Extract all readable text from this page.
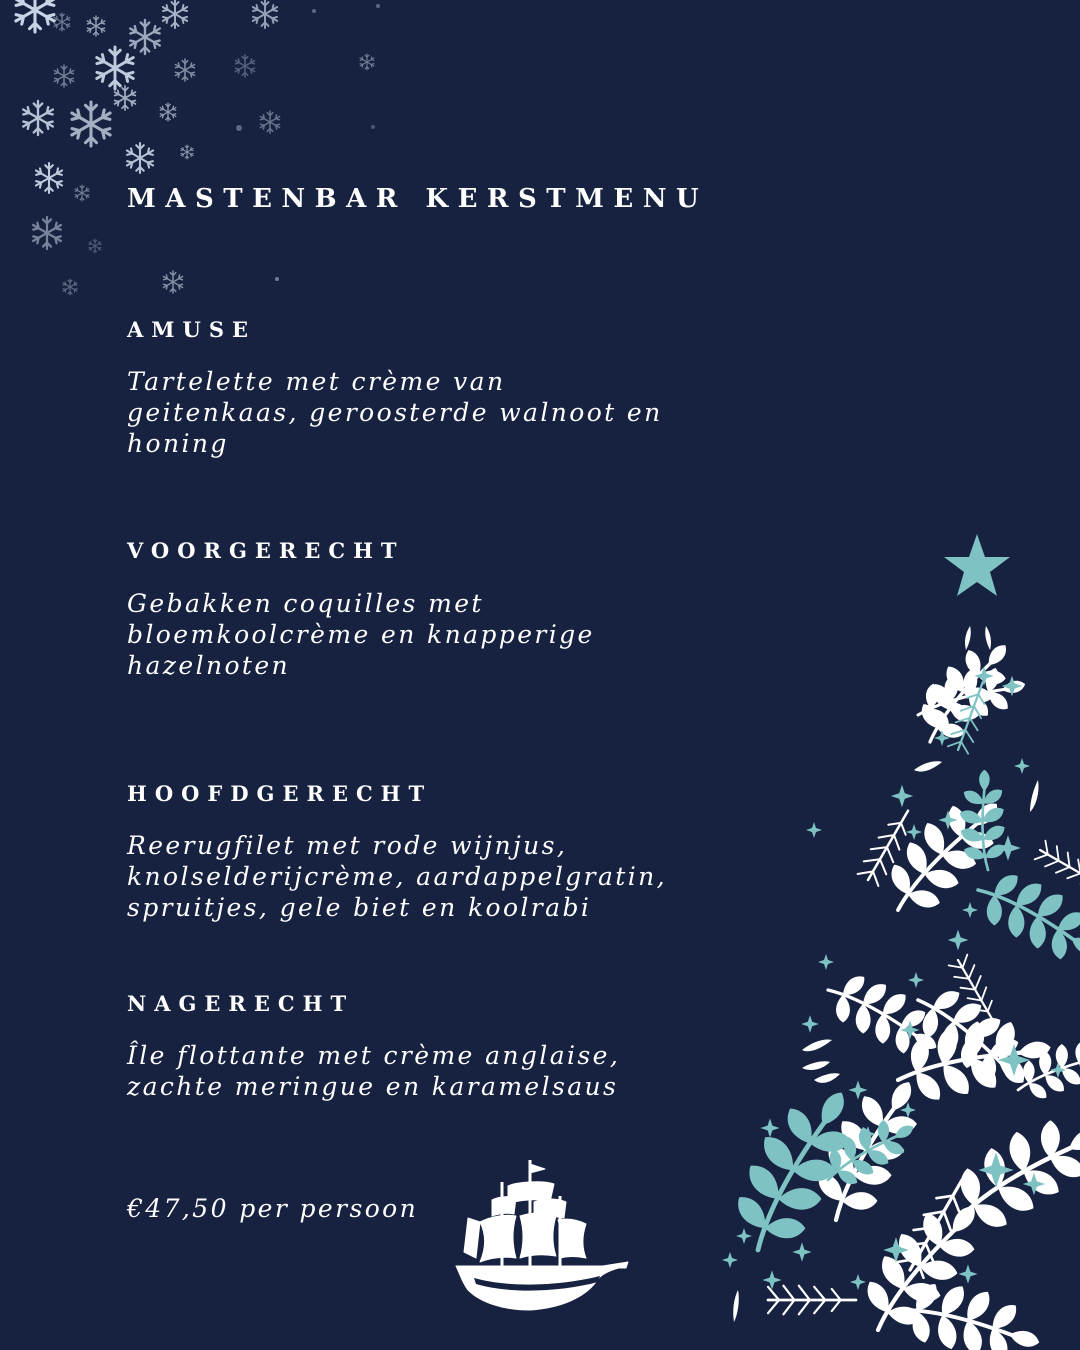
MASTENBAR KERSTMENU
AMUSE

Tartelette met crème van geitenkaas, geroosterde walnoot en honing

VOORGERECHT

Gebakken coquilles met bloemkoolcrème en knapperige hazelnoten

HOOFDGERECHT

Reerugfilet met rode wijnjus, knolselderijcrème, aardappelgratin, spruitjes, gele biet en koolrabi

NAGERECHT

Île flottante met crème anglaise, zachte meringue en karamelsaus

€47,50 per persoon
